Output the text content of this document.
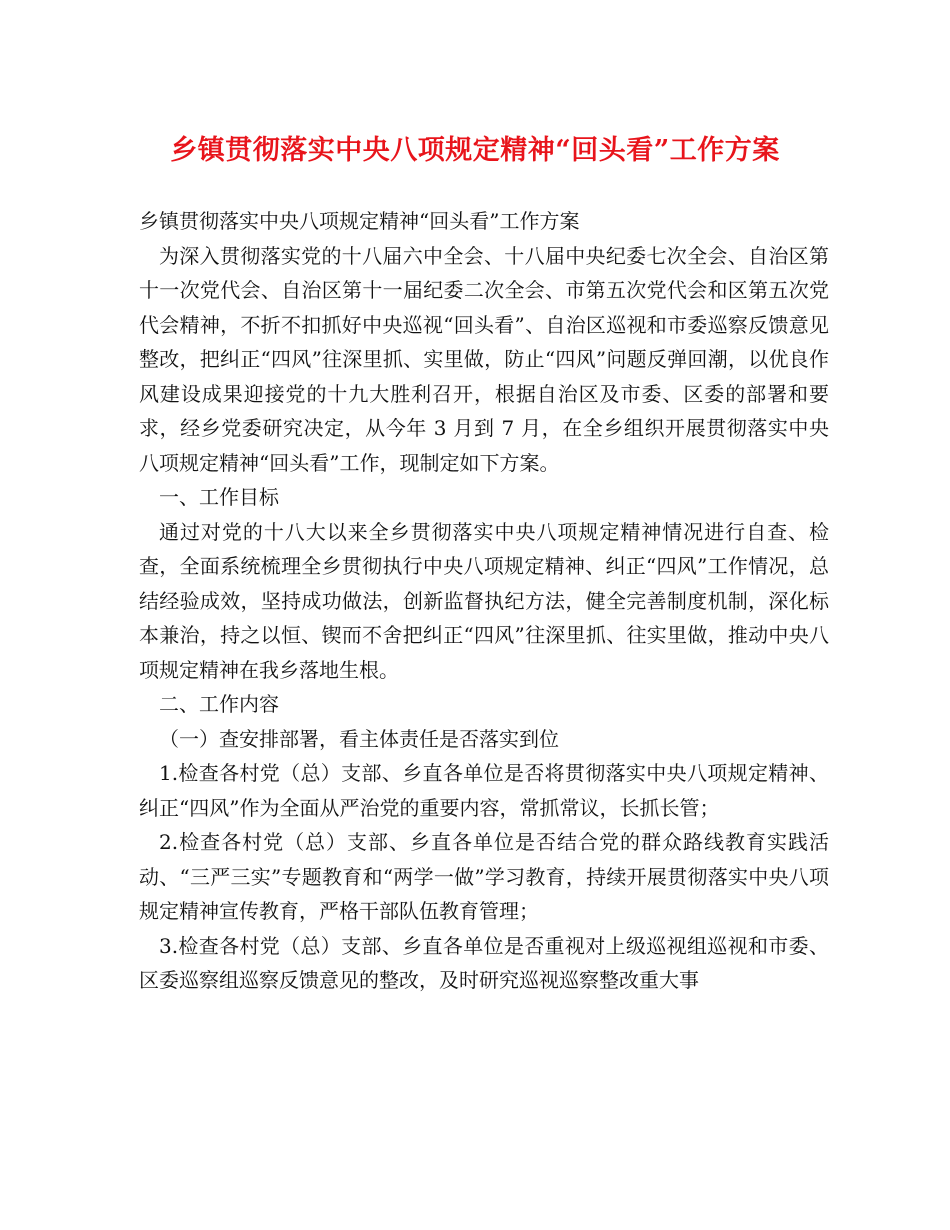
乡镇贯彻落实中央八项规定精神“回头看”工作方案

乡镇贯彻落实中央八项规定精神“回头看”工作方案

为深入贯彻落实党的十八届六中全会、十八届中央纪委七次全会、自治区第十一次党代会、自治区第十一届纪委二次全会、市第五次党代会和区第五次党代会精神，不折不扣抓好中央巡视“回头看”、自治区巡视和市委巡察反馈意见整改，把纠正“四风”往深里抓、实里做，防止“四风”问题反弹回潮，以优良作风建设成果迎接党的十九大胜利召开，根据自治区及市委、区委的部署和要求，经乡党委研究决定，从今年 3 月到 7 月，在全乡组织开展贯彻落实中央八项规定精神“回头看”工作，现制定如下方案。

一、工作目标

通过对党的十八大以来全乡贯彻落实中央八项规定精神情况进行自查、检查，全面系统梳理全乡贯彻执行中央八项规定精神、纠正“四风”工作情况，总结经验成效，坚持成功做法，创新监督执纪方法，健全完善制度机制，深化标本兼治，持之以恒、锲而不舍把纠正“四风”往深里抓、往实里做，推动中央八项规定精神在我乡落地生根。

二、工作内容

（一）查安排部署，看主体责任是否落实到位

1.检查各村党（总）支部、乡直各单位是否将贯彻落实中央八项规定精神、纠正“四风”作为全面从严治党的重要内容，常抓常议，长抓长管；

2.检查各村党（总）支部、乡直各单位是否结合党的群众路线教育实践活动、“三严三实”专题教育和“两学一做”学习教育，持续开展贯彻落实中央八项规定精神宣传教育，严格干部队伍教育管理；

3.检查各村党（总）支部、乡直各单位是否重视对上级巡视组巡视和市委、区委巡察组巡察反馈意见的整改，及时研究巡视巡察整改重大事
